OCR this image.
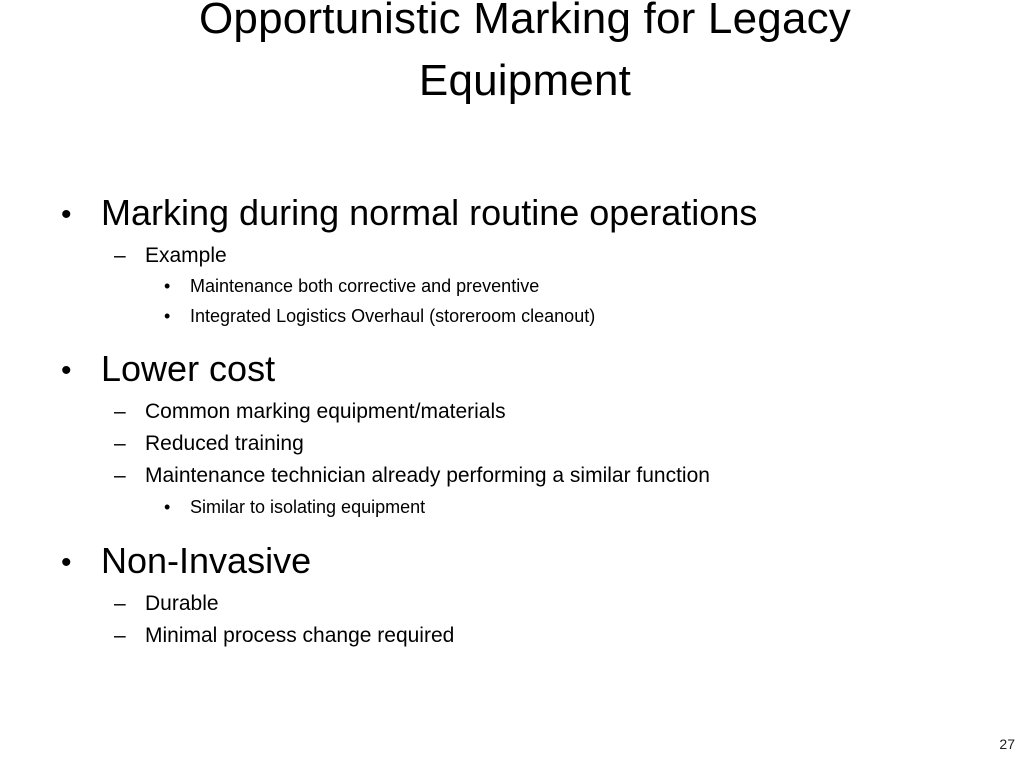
Opportunistic Marking for Legacy
Equipment
• Marking during normal routine operations
– Example
• Maintenance both corrective and preventive
• Integrated Logistics Overhaul (storeroom cleanout)
• Lower cost
– Common marking equipment/materials
– Reduced training
– Maintenance technician already performing a similar function
• Similar to isolating equipment
• Non-Invasive
– Durable
– Minimal process change required
27
